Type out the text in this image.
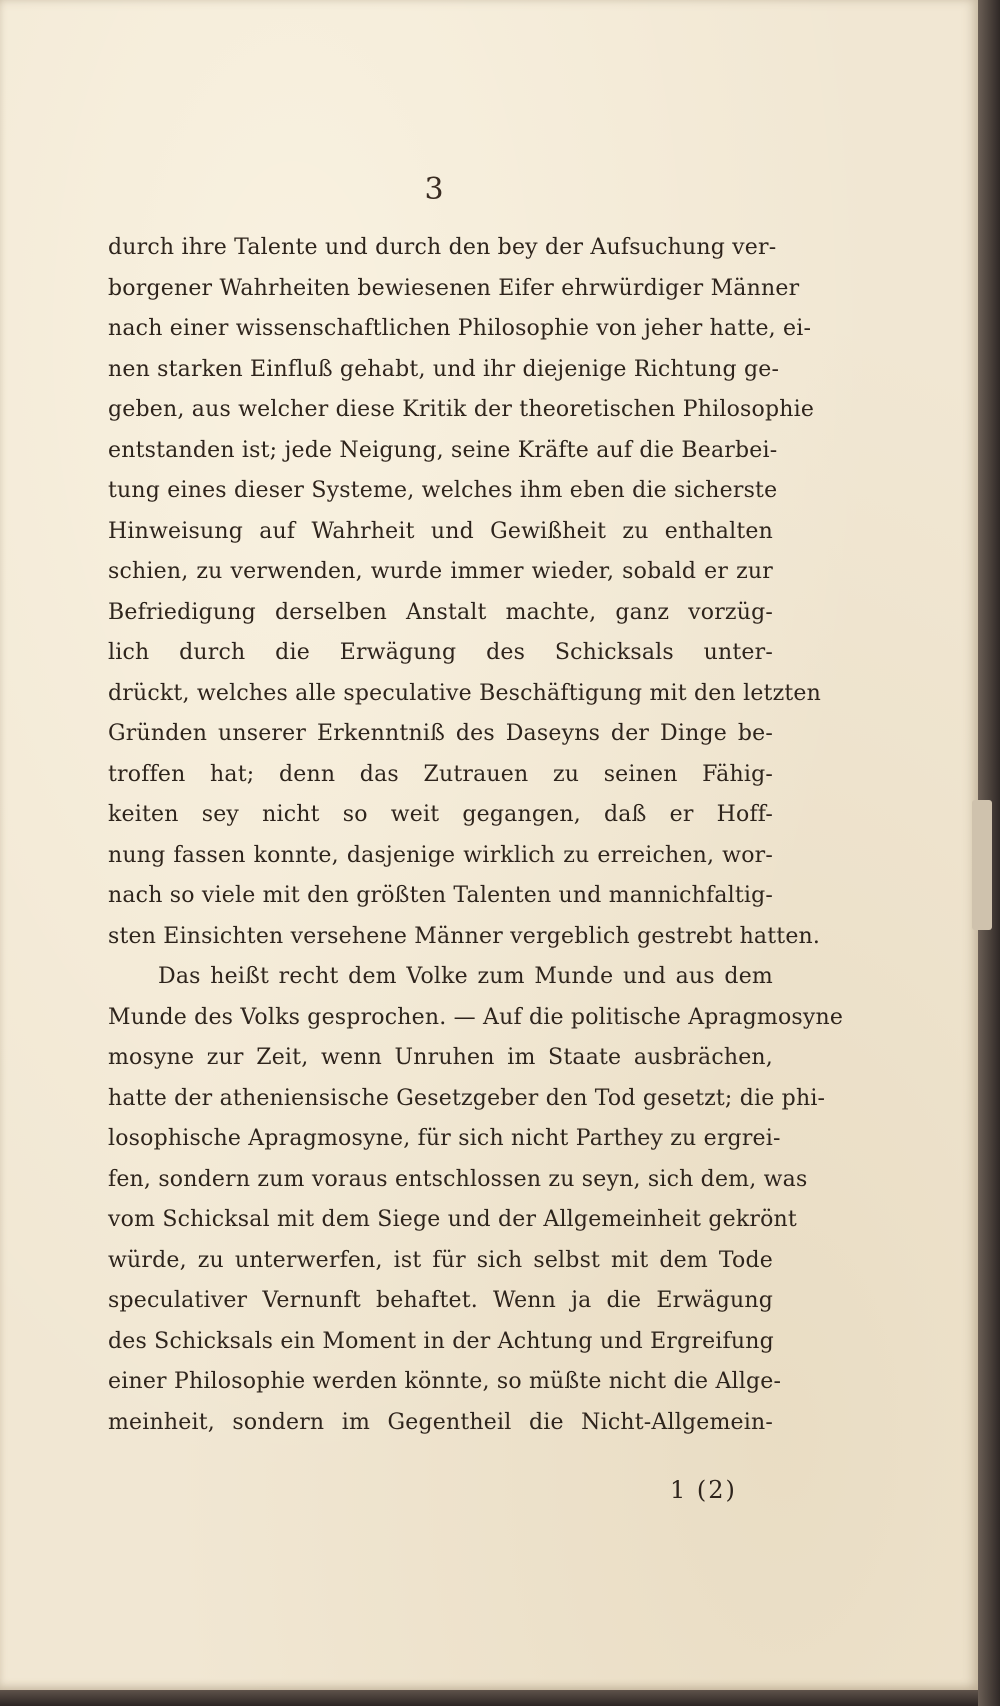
3
durch ihre Talente und durch den bey der Aufsuchung ver-
borgener Wahrheiten bewiesenen Eifer ehrwürdiger Männer
nach einer wissenschaftlichen Philosophie von jeher hatte, ei-
nen starken Einfluß gehabt, und ihr diejenige Richtung ge-
geben, aus welcher diese Kritik der theoretischen Philosophie
entstanden ist; jede Neigung, seine Kräfte auf die Bearbei-
tung eines dieser Systeme, welches ihm eben die sicherste
Hinweisung auf Wahrheit und Gewißheit zu enthalten
schien, zu verwenden, wurde immer wieder, sobald er zur
Befriedigung derselben Anstalt machte, ganz vorzüg-
lich durch die Erwägung des Schicksals unter-
drückt, welches alle speculative Beschäftigung mit den letzten
Gründen unserer Erkenntniß des Daseyns der Dinge be-
troffen hat; denn das Zutrauen zu seinen Fähig-
keiten sey nicht so weit gegangen, daß er Hoff-
nung fassen konnte, dasjenige wirklich zu erreichen, wor-
nach so viele mit den größten Talenten und mannichfaltig-
sten Einsichten versehene Männer vergeblich gestrebt hatten.
Das heißt recht dem Volke zum Munde und aus dem
Munde des Volks gesprochen. — Auf die politische Apragmosyne
mosyne zur Zeit, wenn Unruhen im Staate ausbrächen,
hatte der atheniensische Gesetzgeber den Tod gesetzt; die phi-
losophische Apragmosyne, für sich nicht Parthey zu ergrei-
fen, sondern zum voraus entschlossen zu seyn, sich dem, was
vom Schicksal mit dem Siege und der Allgemeinheit gekrönt
würde, zu unterwerfen, ist für sich selbst mit dem Tode
speculativer Vernunft behaftet. Wenn ja die Erwägung
des Schicksals ein Moment in der Achtung und Ergreifung
einer Philosophie werden könnte, so müßte nicht die Allge-
meinheit, sondern im Gegentheil die Nicht-Allgemein-
1 (2)
